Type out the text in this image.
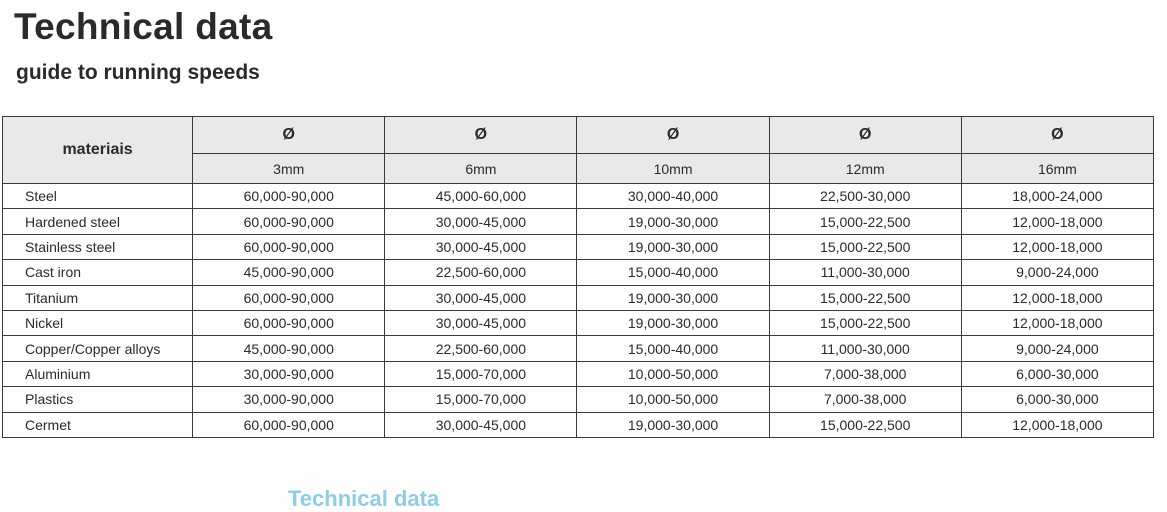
Technical data
guide to running speeds
materiais	Ø	Ø	Ø	Ø	Ø
	3mm	6mm	10mm	12mm	16mm
Steel	60,000-90,000	45,000-60,000	30,000-40,000	22,500-30,000	18,000-24,000
Hardened steel	60,000-90,000	30,000-45,000	19,000-30,000	15,000-22,500	12,000-18,000
Stainless steel	60,000-90,000	30,000-45,000	19,000-30,000	15,000-22,500	12,000-18,000
Cast iron	45,000-90,000	22,500-60,000	15,000-40,000	11,000-30,000	9,000-24,000
Titanium	60,000-90,000	30,000-45,000	19,000-30,000	15,000-22,500	12,000-18,000
Nickel	60,000-90,000	30,000-45,000	19,000-30,000	15,000-22,500	12,000-18,000
Copper/Copper alloys	45,000-90,000	22,500-60,000	15,000-40,000	11,000-30,000	9,000-24,000
Aluminium	30,000-90,000	15,000-70,000	10,000-50,000	7,000-38,000	6,000-30,000
Plastics	30,000-90,000	15,000-70,000	10,000-50,000	7,000-38,000	6,000-30,000
Cermet	60,000-90,000	30,000-45,000	19,000-30,000	15,000-22,500	12,000-18,000
Technical data
